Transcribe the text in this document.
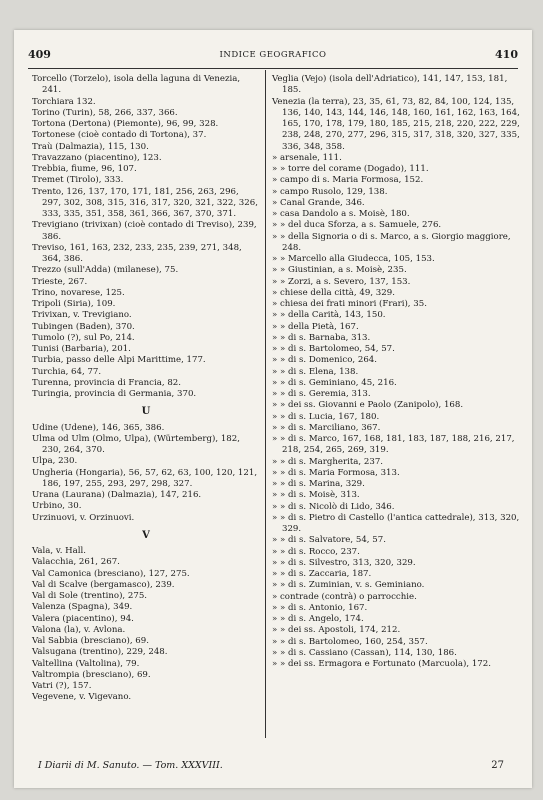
409	INDICE GEOGRAFICO	410
Torcello (Torzelo), isola della laguna di Venezia, 241.
Torchiara 132.
Torino (Turin), 58, 266, 337, 366.
Tortona (Dertona) (Piemonte), 96, 99, 328.
Tortonese (cioè contado di Tortona), 37.
Traù (Dalmazia), 115, 130.
Travazzano (piacentino), 123.
Trebbia, fiume, 96, 107.
Tremet (Tirolo), 333.
Trento, 126, 137, 170, 171, 181, 256, 263, 296, 297, 302, 308, 315, 316, 317, 320, 321, 322, 326, 333, 335, 351, 358, 361, 366, 367, 370, 371.
Trevigiano (trivixan) (cioè contado di Treviso), 239, 386.
Treviso, 161, 163, 232, 233, 235, 239, 271, 348, 364, 386.
Trezzo (sull'Adda) (milanese), 75.
Trieste, 267.
Trino, novarese, 125.
Tripoli (Siria), 109.
Trivixan, v. Trevigiano.
Tubingen (Baden), 370.
Tumolo (?), sul Po, 214.
Tunisi (Barbaria), 201.
Turbia, passo delle Alpi Marittime, 177.
Turchia, 64, 77.
Turenna, provincia di Francia, 82.
Turingia, provincia di Germania, 370.
U
Udine (Udene), 146, 365, 386.
Ulma od Ulm (Olmo, Ulpa), (Würtemberg), 182, 230, 264, 370.
Ulpa, 230.
Ungheria (Hongaria), 56, 57, 62, 63, 100, 120, 121, 186, 197, 255, 293, 297, 298, 327.
Urana (Laurana) (Dalmazia), 147, 216.
Urbino, 30.
Urzinuovi, v. Orzinuovi.
V
Vala, v. Hall.
Valacchia, 261, 267.
Val Camonica (bresciano), 127, 275.
Val di Scalve (bergamasco), 239.
Val di Sole (trentino), 275.
Valenza (Spagna), 349.
Valera (piacentino), 94.
Valona (la), v. Avlona.
Val Sabbia (bresciano), 69.
Valsugana (trentino), 229, 248.
Valtellina (Valtolina), 79.
Valtrompia (bresciano), 69.
Vatri (?), 157.
Vegevene, v. Vigevano.
Veglia (Vejo) (isola dell'Adriatico), 141, 147, 153, 181, 185.
Venezia (la terra), 23, 35, 61, 73, 82, 84, 100, 124, 135, 136, 140, 143, 144, 146, 148, 160, 161, 162, 163, 164, 165, 170, 178, 179, 180, 185, 215, 218, 220, 222, 229, 238, 248, 270, 277, 296, 315, 317, 318, 320, 327, 335, 336, 348, 358.
» arsenale, 111.
» » torre del corame (Dogado), 111.
» campo di s. Maria Formosa, 152.
» campo Rusolo, 129, 138.
» Canal Grande, 346.
» casa Dandolo a s. Moisè, 180.
» » del duca Sforza, a s. Samuele, 276.
» » della Signoria o di s. Marco, a s. Giorgio maggiore, 248.
» » Marcello alla Giudecca, 105, 153.
» » Giustinian, a s. Moisè, 235.
» » Zorzi, a s. Severo, 137, 153.
» chiese della città, 49, 329.
» chiesa dei frati minori (Frari), 35.
» » della Carità, 143, 150.
» » della Pietà, 167.
» » di s. Barnaba, 313.
» » di s. Bartolomeo, 54, 57.
» » di s. Domenico, 264.
» » di s. Elena, 138.
» » di s. Geminiano, 45, 216.
» » di s. Geremia, 313.
» » dei ss. Giovanni e Paolo (Zanipolo), 168.
» » di s. Lucia, 167, 180.
» » di s. Marciliano, 367.
» » di s. Marco, 167, 168, 181, 183, 187, 188, 216, 217, 218, 254, 265, 269, 319.
» » di s. Margherita, 237.
» » di s. Maria Formosa, 313.
» » di s. Marina, 329.
» » di s. Moisè, 313.
» » di s. Nicolò di Lido, 346.
» » di s. Pietro di Castello (l'antica cattedrale), 313, 320, 329.
» » di s. Salvatore, 54, 57.
» » di s. Rocco, 237.
» » di s. Silvestro, 313, 320, 329.
» » di s. Zaccaria, 187.
» » di s. Zuminian, v. s. Geminiano.
» contrade (contrà) o parrocchie.
» » di s. Antonio, 167.
» » di s. Angelo, 174.
» » dei ss. Apostoli, 174, 212.
» » di s. Bartolomeo, 160, 254, 357.
» » di s. Cassiano (Cassan), 114, 130, 186.
» » dei ss. Ermagora e Fortunato (Marcuola), 172.
I Diarii di M. Sanuto. — Tom. XXXVIII.	27
